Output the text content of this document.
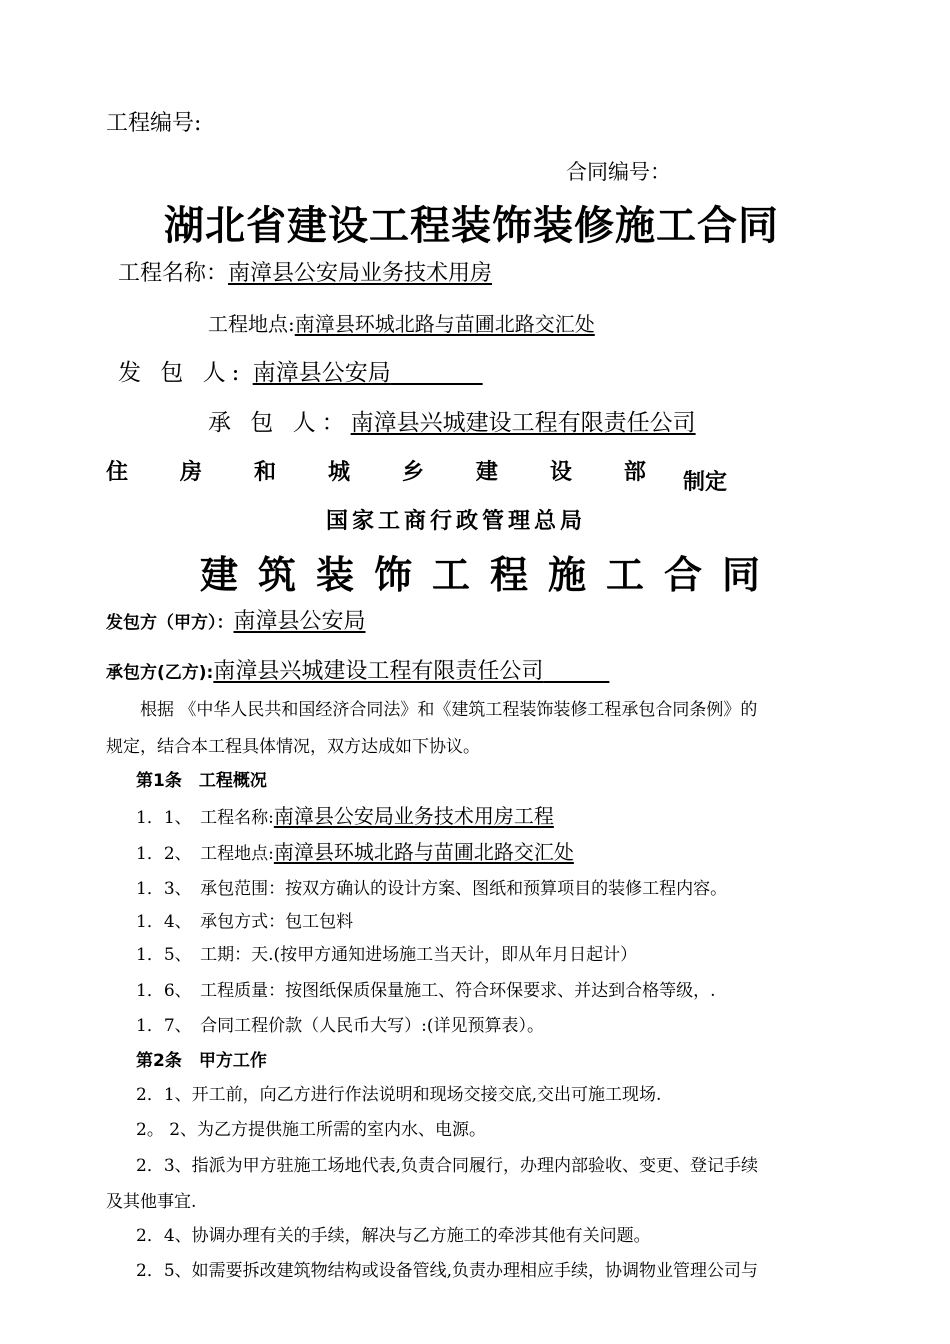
工程编号:
合同编号：
湖北省建设工程装饰装修施工合同
工程名称：南漳县公安局业务技术用房
工程地点:南漳县环城北路与苗圃北路交汇处
发 包 人: 南漳县公安局    
承 包 人：南漳县兴城建设工程有限责任公司
住 房 和 城 乡 建 设 部 制定
国家工商行政管理总局
建筑装饰工程施工合同
发包方（甲方）：南漳县公安局
承包方(乙方):南漳县兴城建设工程有限责任公司   
根据 《中华人民共和国经济合同法》和《建筑工程装饰装修工程承包合同条例》的
规定，结合本工程具体情况，双方达成如下协议。
第1条　工程概况
1．1、　工程名称:南漳县公安局业务技术用房工程
1．2、　工程地点:南漳县环城北路与苗圃北路交汇处
1．3、　承包范围：按双方确认的设计方案、图纸和预算项目的装修工程内容。
1．4、　承包方式：包工包料
1．5、　工期：天.(按甲方通知进场施工当天计，即从年月日起计）
1．6、　工程质量：按图纸保质保量施工、符合环保要求、并达到合格等级，.
1．7、　合同工程价款（人民币大写）:(详见预算表）。
第2条　甲方工作
2．1、开工前，向乙方进行作法说明和现场交接交底,交出可施工现场.
2。 2、为乙方提供施工所需的室内水、电源。
2．3、指派为甲方驻施工场地代表,负责合同履行，办理内部验收、变更、登记手续
及其他事宜.
2．4、协调办理有关的手续，解决与乙方施工的牵涉其他有关问题。
2．5、如需要拆改建筑物结构或设备管线,负责办理相应手续，协调物业管理公司与
